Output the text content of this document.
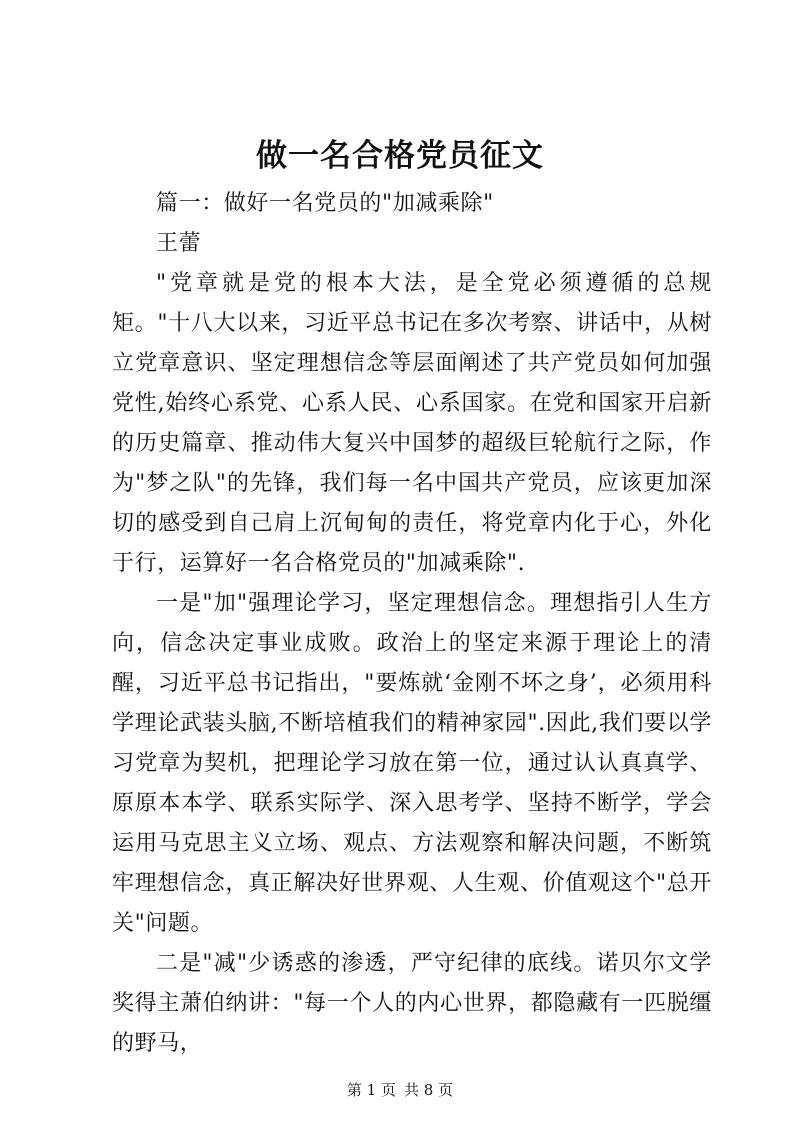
做一名合格党员征文

篇一：做好一名党员的"加减乘除"

王蕾

"党章就是党的根本大法，是全党必须遵循的总规矩。"十八大以来，习近平总书记在多次考察、讲话中，从树立党章意识、坚定理想信念等层面阐述了共产党员如何加强党性,始终心系党、心系人民、心系国家。在党和国家开启新的历史篇章、推动伟大复兴中国梦的超级巨轮航行之际，作为"梦之队"的先锋，我们每一名中国共产党员，应该更加深切的感受到自己肩上沉甸甸的责任，将党章内化于心，外化于行，运算好一名合格党员的"加减乘除".

一是"加"强理论学习，坚定理想信念。理想指引人生方向，信念决定事业成败。政治上的坚定来源于理论上的清醒，习近平总书记指出，"要炼就‘金刚不坏之身’，必须用科学理论武装头脑,不断培植我们的精神家园".因此,我们要以学习党章为契机，把理论学习放在第一位，通过认认真真学、原原本本学、联系实际学、深入思考学、坚持不断学，学会运用马克思主义立场、观点、方法观察和解决问题，不断筑牢理想信念，真正解决好世界观、人生观、价值观这个"总开关"问题。

二是"减"少诱惑的渗透，严守纪律的底线。诺贝尔文学奖得主萧伯纳讲："每一个人的内心世界，都隐藏有一匹脱缰的野马，

第 1 页 共 8 页
